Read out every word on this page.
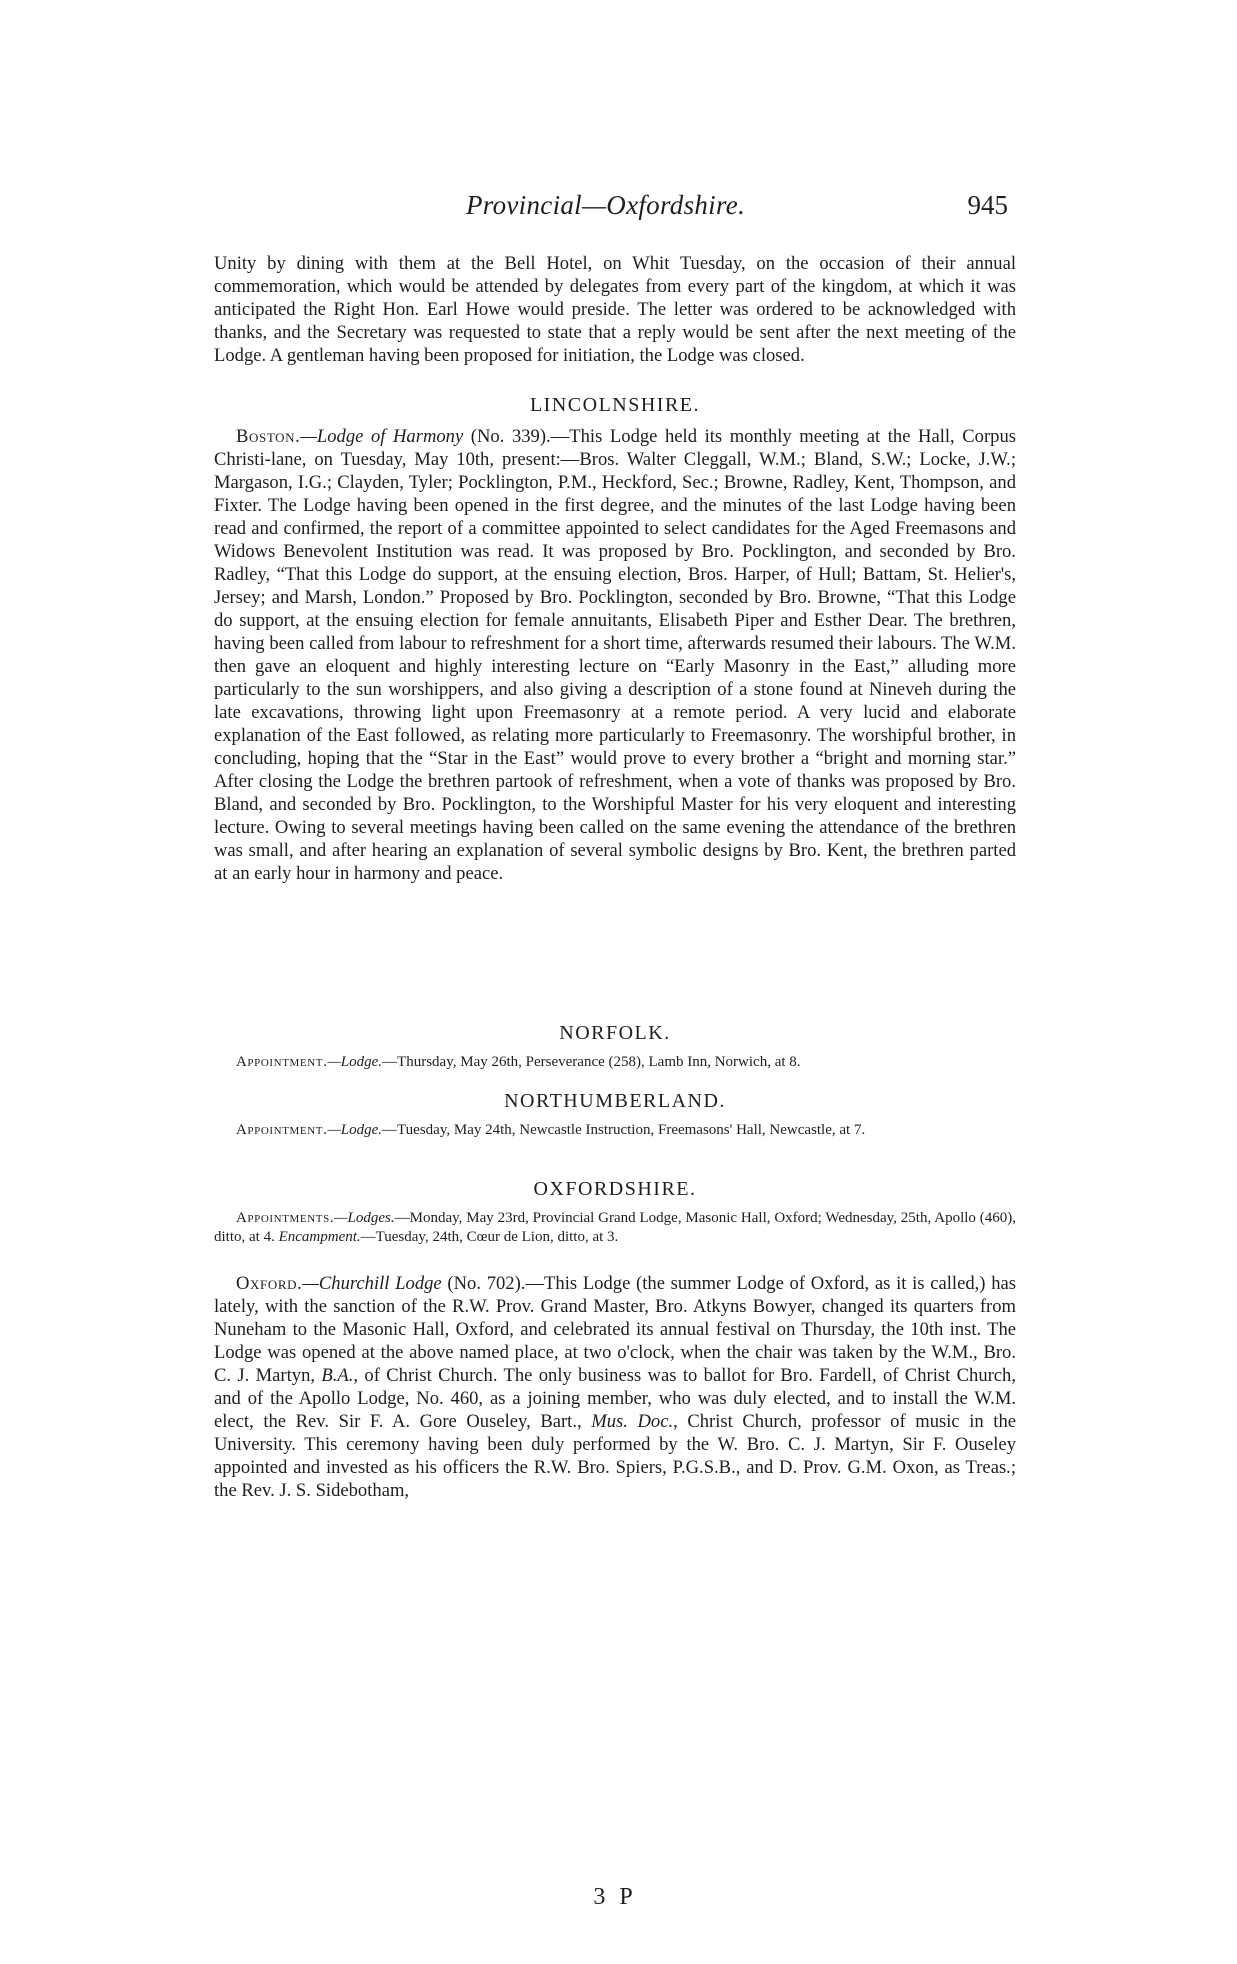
Provincial—Oxfordshire.	945

Unity by dining with them at the Bell Hotel, on Whit Tuesday, on the occasion of their annual commemoration, which would be attended by delegates from every part of the kingdom, at which it was anticipated the Right Hon. Earl Howe would preside. The letter was ordered to be acknowledged with thanks, and the Secretary was requested to state that a reply would be sent after the next meeting of the Lodge. A gentleman having been proposed for initiation, the Lodge was closed.

LINCOLNSHIRE.

Boston.—Lodge of Harmony (No. 339).—This Lodge held its monthly meeting at the Hall, Corpus Christi-lane, on Tuesday, May 10th, present:—Bros. Walter Cleggall, W.M.; Bland, S.W.; Locke, J.W.; Margason, I.G.; Clayden, Tyler; Pocklington, P.M., Heckford, Sec.; Browne, Radley, Kent, Thompson, and Fixter. The Lodge having been opened in the first degree, and the minutes of the last Lodge having been read and confirmed, the report of a committee appointed to select candidates for the Aged Freemasons and Widows Benevolent Institution was read. It was proposed by Bro. Pocklington, and seconded by Bro. Radley, “That this Lodge do support, at the ensuing election, Bros. Harper, of Hull; Battam, St. Helier's, Jersey; and Marsh, London.” Proposed by Bro. Pocklington, seconded by Bro. Browne, “That this Lodge do support, at the ensuing election for female annuitants, Elisabeth Piper and Esther Dear. The brethren, having been called from labour to refreshment for a short time, afterwards resumed their labours. The W.M. then gave an eloquent and highly interesting lecture on “Early Masonry in the East,” alluding more particularly to the sun worshippers, and also giving a description of a stone found at Nineveh during the late excavations, throwing light upon Freemasonry at a remote period. A very lucid and elaborate explanation of the East followed, as relating more particularly to Freemasonry. The worshipful brother, in concluding, hoping that the “Star in the East” would prove to every brother a “bright and morning star.” After closing the Lodge the brethren partook of refreshment, when a vote of thanks was proposed by Bro. Bland, and seconded by Bro. Pocklington, to the Worshipful Master for his very eloquent and interesting lecture. Owing to several meetings having been called on the same evening the attendance of the brethren was small, and after hearing an explanation of several symbolic designs by Bro. Kent, the brethren parted at an early hour in harmony and peace.

NORFOLK.

Appointment.—Lodge.—Thursday, May 26th, Perseverance (258), Lamb Inn, Norwich, at 8.

NORTHUMBERLAND.

Appointment.—Lodge.—Tuesday, May 24th, Newcastle Instruction, Freemasons' Hall, Newcastle, at 7.

OXFORDSHIRE.

Appointments.—Lodges.—Monday, May 23rd, Provincial Grand Lodge, Masonic Hall, Oxford; Wednesday, 25th, Apollo (460), ditto, at 4. Encampment.—Tuesday, 24th, Cœur de Lion, ditto, at 3.

Oxford.—Churchill Lodge (No. 702).—This Lodge (the summer Lodge of Oxford, as it is called,) has lately, with the sanction of the R.W. Prov. Grand Master, Bro. Atkyns Bowyer, changed its quarters from Nuneham to the Masonic Hall, Oxford, and celebrated its annual festival on Thursday, the 10th inst. The Lodge was opened at the above named place, at two o'clock, when the chair was taken by the W.M., Bro. C. J. Martyn, B.A., of Christ Church. The only business was to ballot for Bro. Fardell, of Christ Church, and of the Apollo Lodge, No. 460, as a joining member, who was duly elected, and to install the W.M. elect, the Rev. Sir F. A. Gore Ouseley, Bart., Mus. Doc., Christ Church, professor of music in the University. This ceremony having been duly performed by the W. Bro. C. J. Martyn, Sir F. Ouseley appointed and invested as his officers the R.W. Bro. Spiers, P.G.S.B., and D. Prov. G.M. Oxon, as Treas.; the Rev. J. S. Sidebotham,

3 P
